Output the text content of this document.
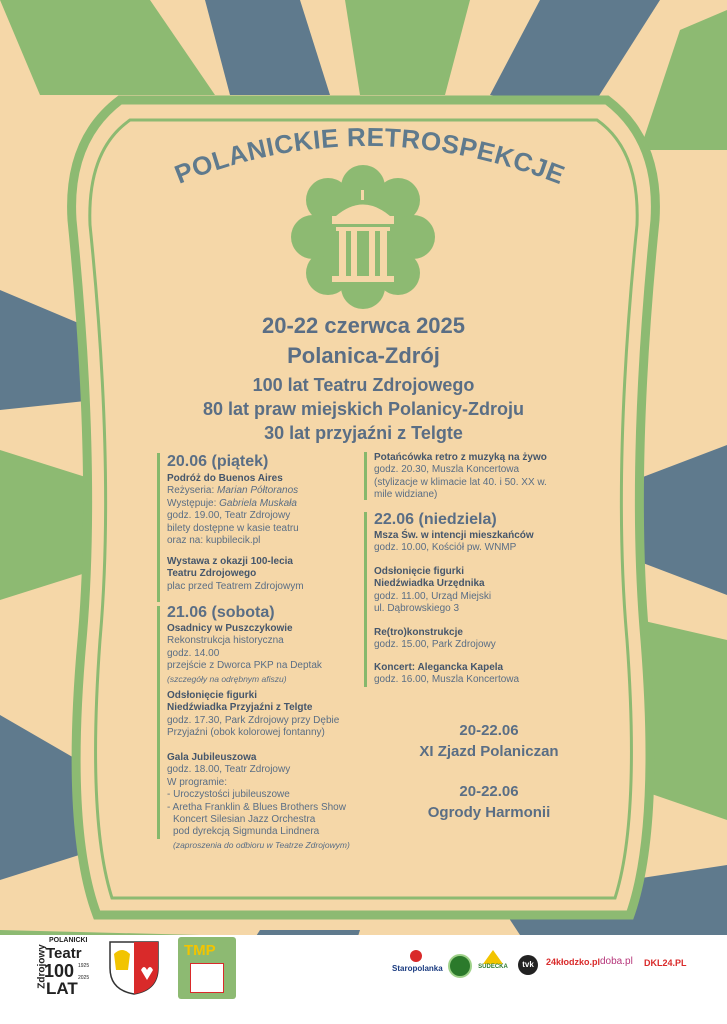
POLANICKIE RETROSPEKCJE
20-22 czerwca 2025
Polanica-Zdrój
100 lat Teatru Zdrojowego
80 lat praw miejskich Polanicy-Zdroju
30 lat przyjaźni z Telgte
20.06 (piątek)
Podróż do Buenos Aires
Reżyseria: Marian Półtoranos
Występuje: Gabriela Muskała
godz. 19.00, Teatr Zdrojowy
bilety dostępne w kasie teatru
oraz na: kupbilecik.pl
Wystawa z okazji 100-lecia
Teatru Zdrojowego
plac przed Teatrem Zdrojowym
21.06 (sobota)
Osadnicy w Puszczykowie
Rekonstrukcja historyczna
godz. 14.00
przejście z Dworca PKP na Deptak
(szczegóły na odrębnym afiszu)
Odsłonięcie figurki
Niedźwiadka Przyjaźni z Telgte
godz. 17.30, Park Zdrojowy przy Dębie
Przyjaźni (obok kolorowej fontanny)
Gala Jubileuszowa
godz. 18.00, Teatr Zdrojowy
W programie:
- Uroczystości jubileuszowe
- Aretha Franklin & Blues Brothers Show
Koncert Silesian Jazz Orchestra
pod dyrekcją Sigmunda Lindnera
(zaproszenia do odbioru w Teatrze Zdrojowym)
Potańcówka retro z muzyką na żywo
godz. 20.30, Muszla Koncertowa
(stylizacje w klimacie lat 40. i 50. XX w.
mile widziane)
22.06 (niedziela)
Msza Św. w intencji mieszkańców
godz. 10.00, Kościół pw. WNMP
Odsłonięcie figurki
Niedźwiadka Urzędnika
godz. 11.00, Urząd Miejski
ul. Dąbrowskiego 3
Re(tro)konstrukcje
godz. 15.00, Park Zdrojowy
Koncert: Alegancka Kapela
godz. 16.00, Muszla Koncertowa
20-22.06
XI Zjazd Polaniczan
20-22.06
Ogrody Harmonii
Zdrojowy
POLANICKI
Teatr
100 1925
2025
LAT
TMP
Staropolanka	SUDECKA	tvk	24kłodzko.pl doba.pl DKL24.PL
